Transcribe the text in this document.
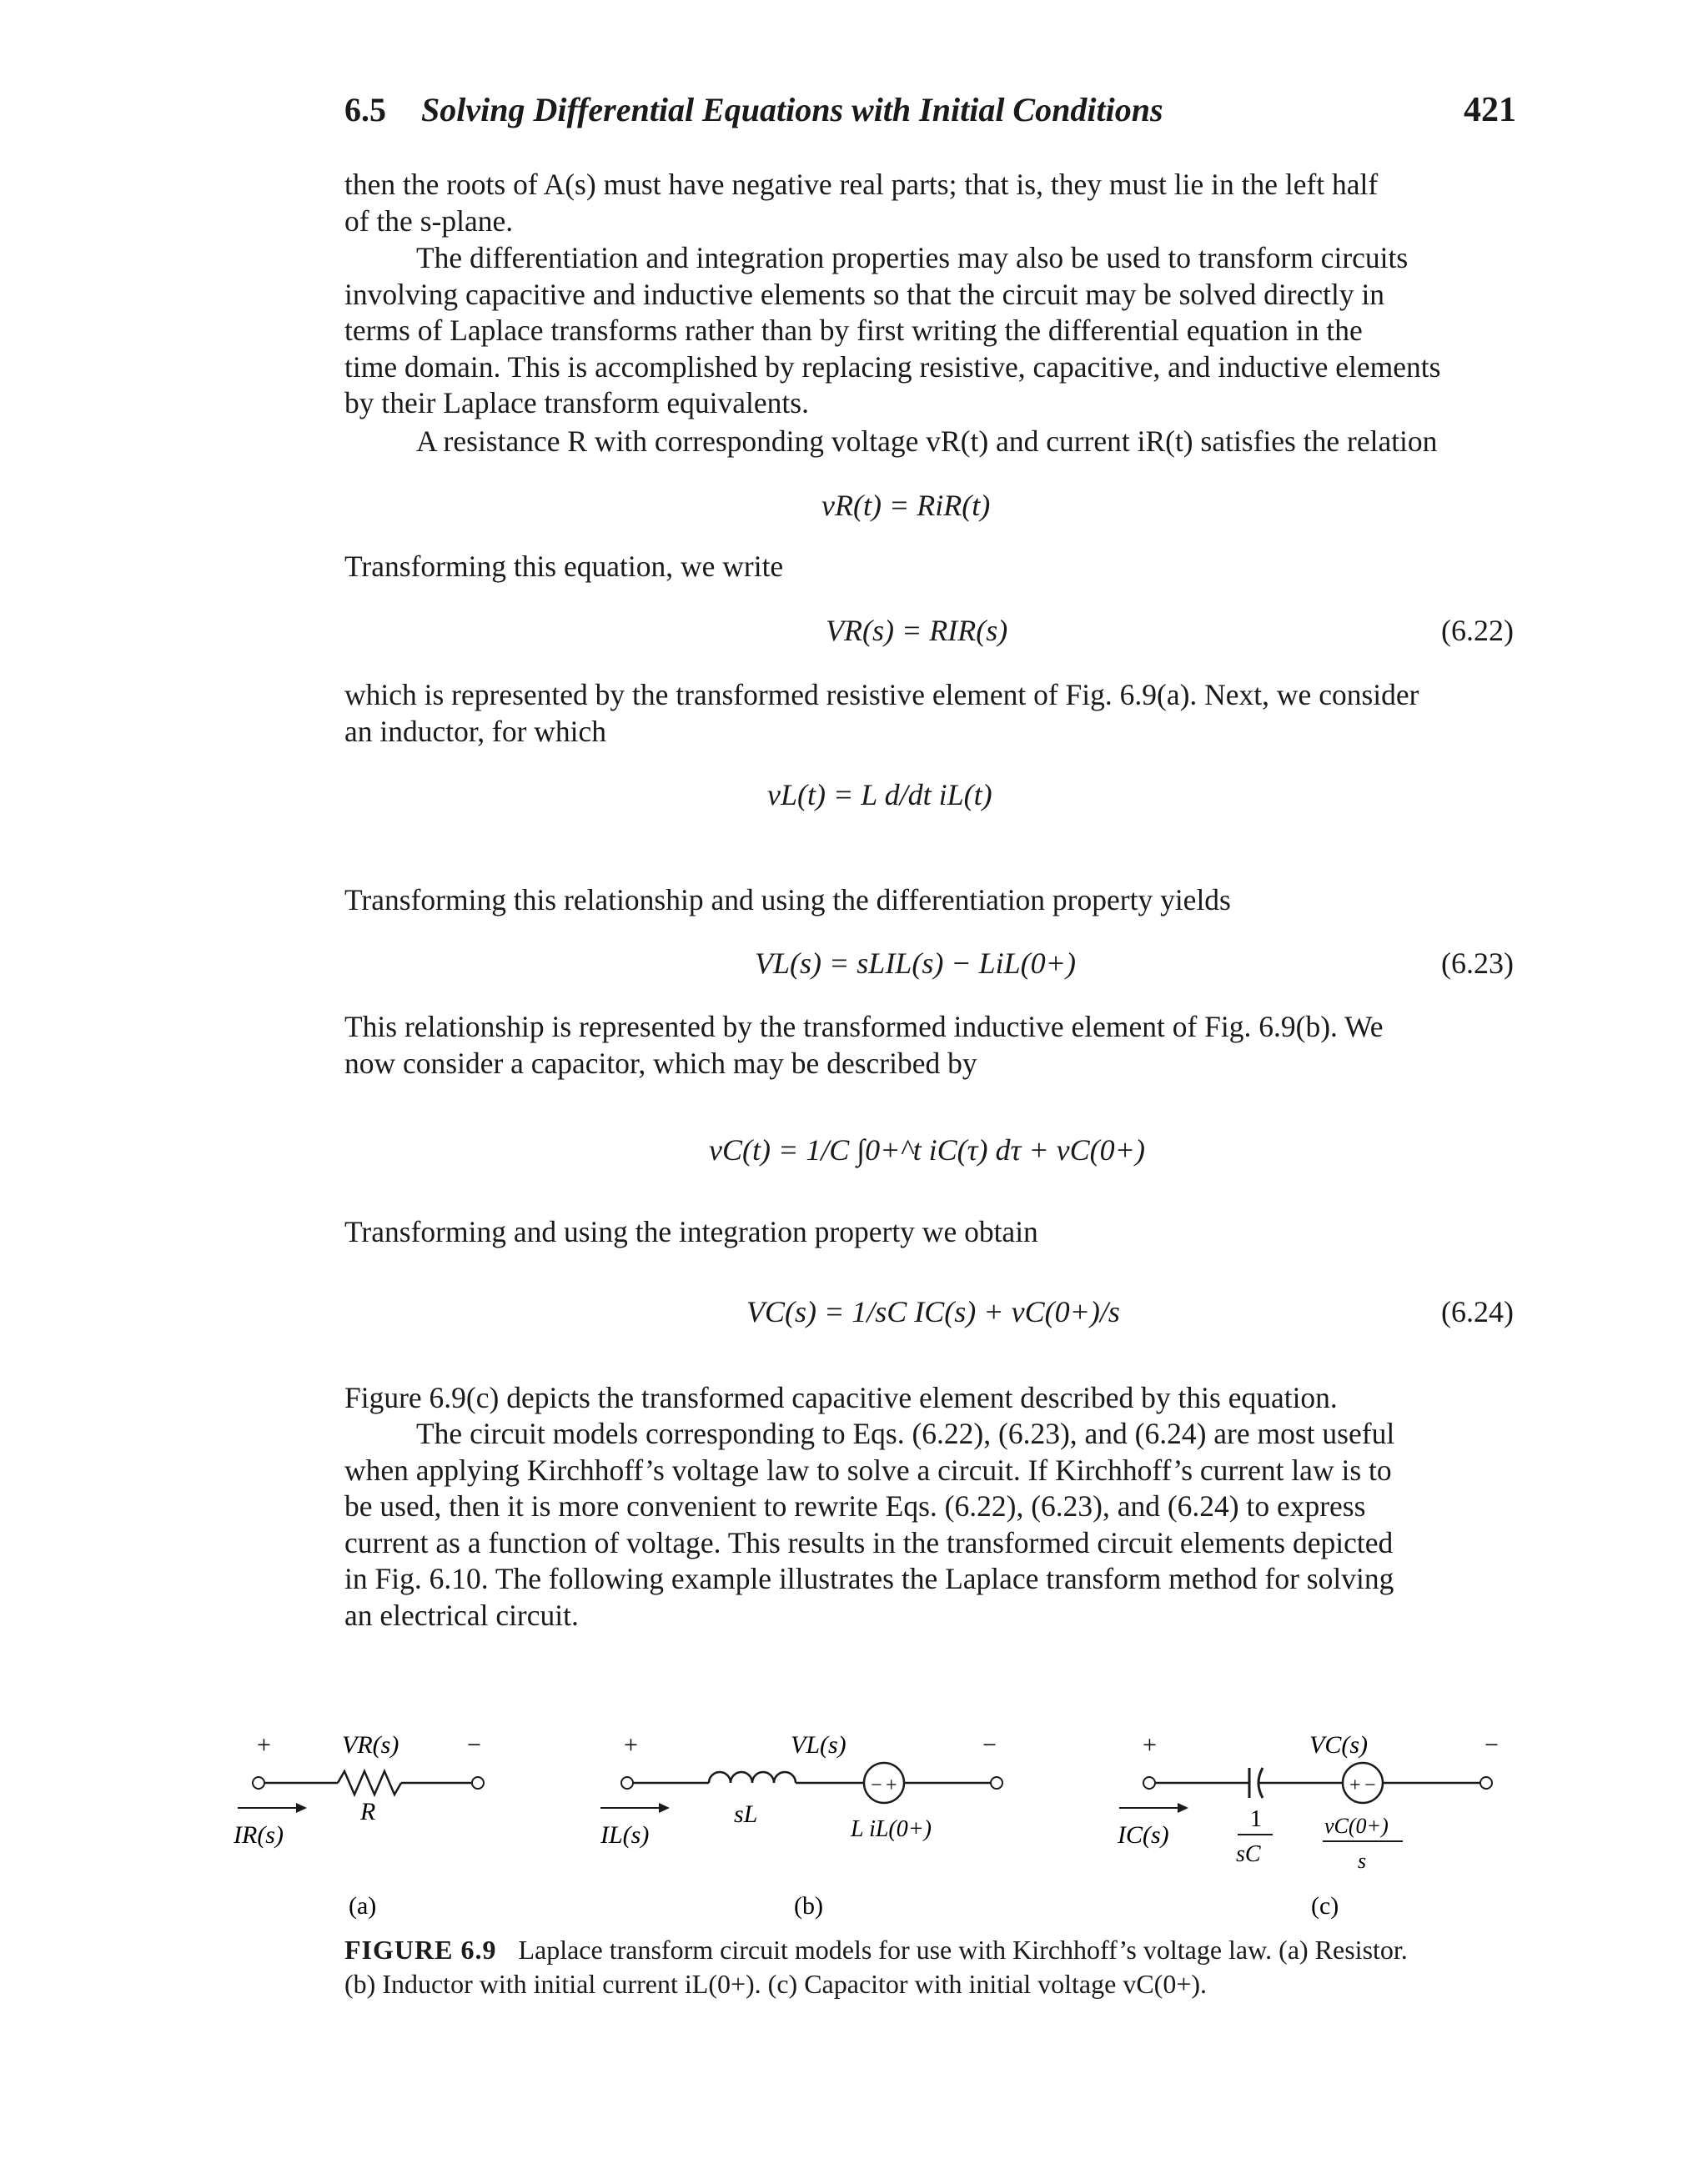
6.5 Solving Differential Equations with Initial Conditions	421

then the roots of A(s) must have negative real parts; that is, they must lie in the left half
of the s-plane.

The differentiation and integration properties may also be used to transform circuits
involving capacitive and inductive elements so that the circuit may be solved directly in
terms of Laplace transforms rather than by first writing the differential equation in the
time domain. This is accomplished by replacing resistive, capacitive, and inductive elements
by their Laplace transform equivalents.

A resistance R with corresponding voltage vR(t) and current iR(t) satisfies the relation

vR(t) = RiR(t)

Transforming this equation, we write

VR(s) = RIR(s)	(6.22)

which is represented by the transformed resistive element of Fig. 6.9(a). Next, we consider
an inductor, for which

vL(t) = L d/dt iL(t)

Transforming this relationship and using the differentiation property yields

VL(s) = sLIL(s) − LiL(0+)	(6.23)

This relationship is represented by the transformed inductive element of Fig. 6.9(b). We
now consider a capacitor, which may be described by

vC(t) = 1/C ∫0+^t iC(τ) dτ + vC(0+)

Transforming and using the integration property we obtain

VC(s) = 1/sC IC(s) + vC(0+)/s	(6.24)

Figure 6.9(c) depicts the transformed capacitive element described by this equation.

The circuit models corresponding to Eqs. (6.22), (6.23), and (6.24) are most useful
when applying Kirchhoff’s voltage law to solve a circuit. If Kirchhoff’s current law is to
be used, then it is more convenient to rewrite Eqs. (6.22), (6.23), and (6.24) to express
current as a function of voltage. This results in the transformed circuit elements depicted
in Fig. 6.10. The following example illustrates the Laplace transform method for solving
an electrical circuit.

+	VR(s)	−
R
IR(s)
(a)
+	VL(s)	−
− +
sL
L iL(0+)
IL(s)
(b)
+	VC(s)	−
+ −
1
sC
vC(0+)
s
IC(s)
(c)
FIGURE 6.9 Laplace transform circuit models for use with Kirchhoff’s voltage law. (a) Resistor.
(b) Inductor with initial current iL(0+). (c) Capacitor with initial voltage vC(0+).
